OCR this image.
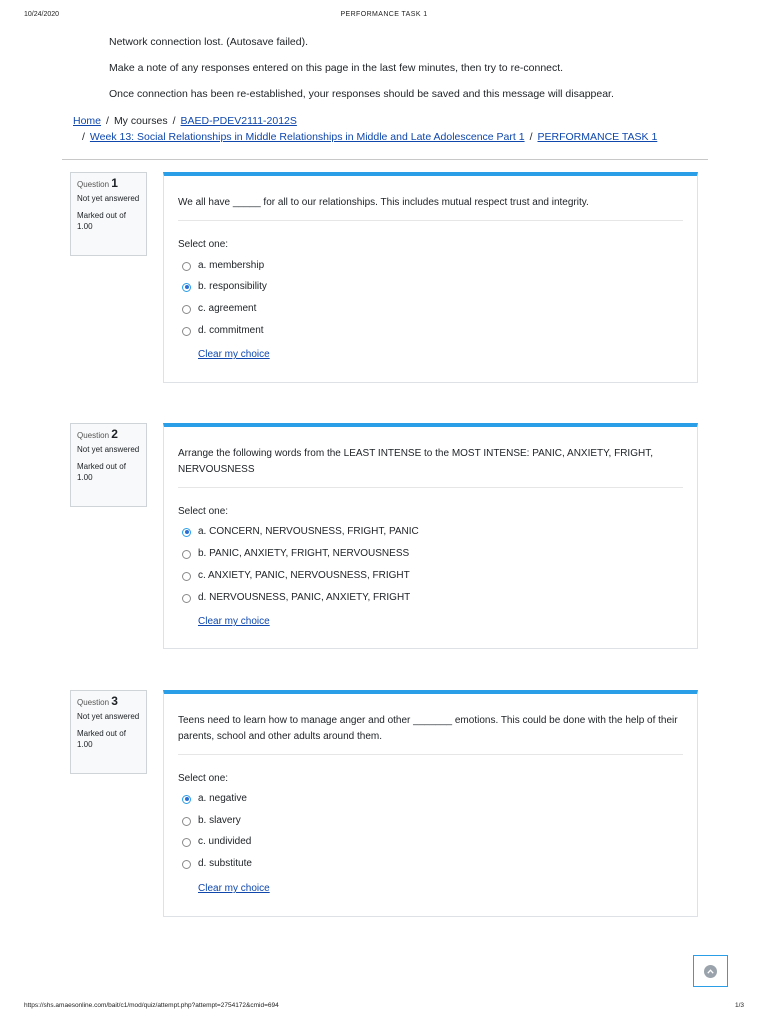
10/24/2020	PERFORMANCE TASK 1

Network connection lost. (Autosave failed).

Make a note of any responses entered on this page in the last few minutes, then try to re-connect.

Once connection has been re-established, your responses should be saved and this message will disappear.

Home / My courses / BAED-PDEV2111-2012S
/ Week 13: Social Relationships in Middle Relationships in Middle and Late Adolescence Part 1 / PERFORMANCE TASK 1
Question 1
Not yet answered
Marked out of 1.00
We all have _____ for all to our relationships. This includes mutual respect trust and integrity.
Select one:
a. membership
b. responsibility
c. agreement
d. commitment
Clear my choice
Question 2
Not yet answered
Marked out of 1.00
Arrange the following words from the LEAST INTENSE to the MOST INTENSE: PANIC, ANXIETY, FRIGHT, NERVOUSNESS
Select one:
a. CONCERN, NERVOUSNESS, FRIGHT, PANIC
b. PANIC, ANXIETY, FRIGHT, NERVOUSNESS
c. ANXIETY, PANIC, NERVOUSNESS, FRIGHT
d. NERVOUSNESS, PANIC, ANXIETY, FRIGHT
Clear my choice
Question 3
Not yet answered
Marked out of 1.00
Teens need to learn how to manage anger and other _______ emotions. This could be done with the help of their parents, school and other adults around them.
Select one:
a. negative
b. slavery
c. undivided
d. substitute
Clear my choice
https://shs.amaesonline.com/bait/c1/mod/quiz/attempt.php?attempt=2754172&cmid=694	1/3
